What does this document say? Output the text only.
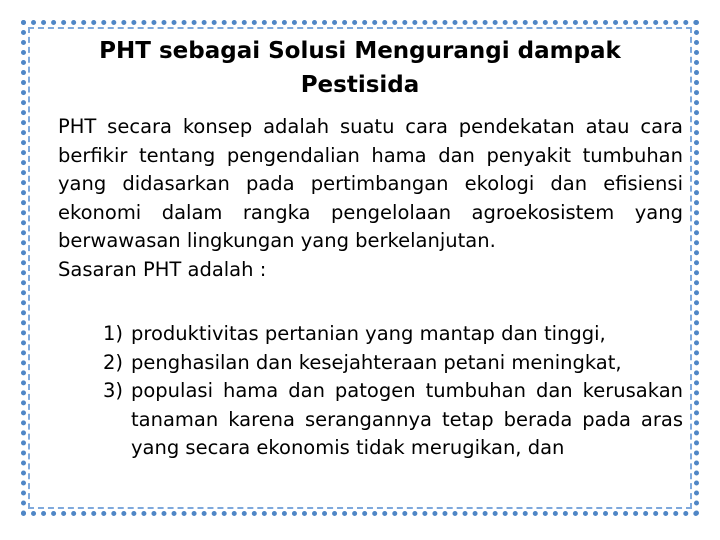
PHT sebagai Solusi Mengurangi dampak
Pestisida

PHT secara konsep adalah suatu cara pendekatan atau cara berfikir tentang pengendalian hama dan penyakit tumbuhan yang didasarkan pada pertimbangan ekologi dan efisiensi ekonomi dalam rangka pengelolaan agroekosistem yang berwawasan lingkungan yang berkelanjutan.

Sasaran PHT adalah :
1) produktivitas pertanian yang mantap dan tinggi,
2) penghasilan dan kesejahteraan petani meningkat,
3) populasi hama dan patogen tumbuhan dan kerusakan tanaman karena serangannya tetap berada pada aras yang secara ekonomis tidak merugikan, dan
